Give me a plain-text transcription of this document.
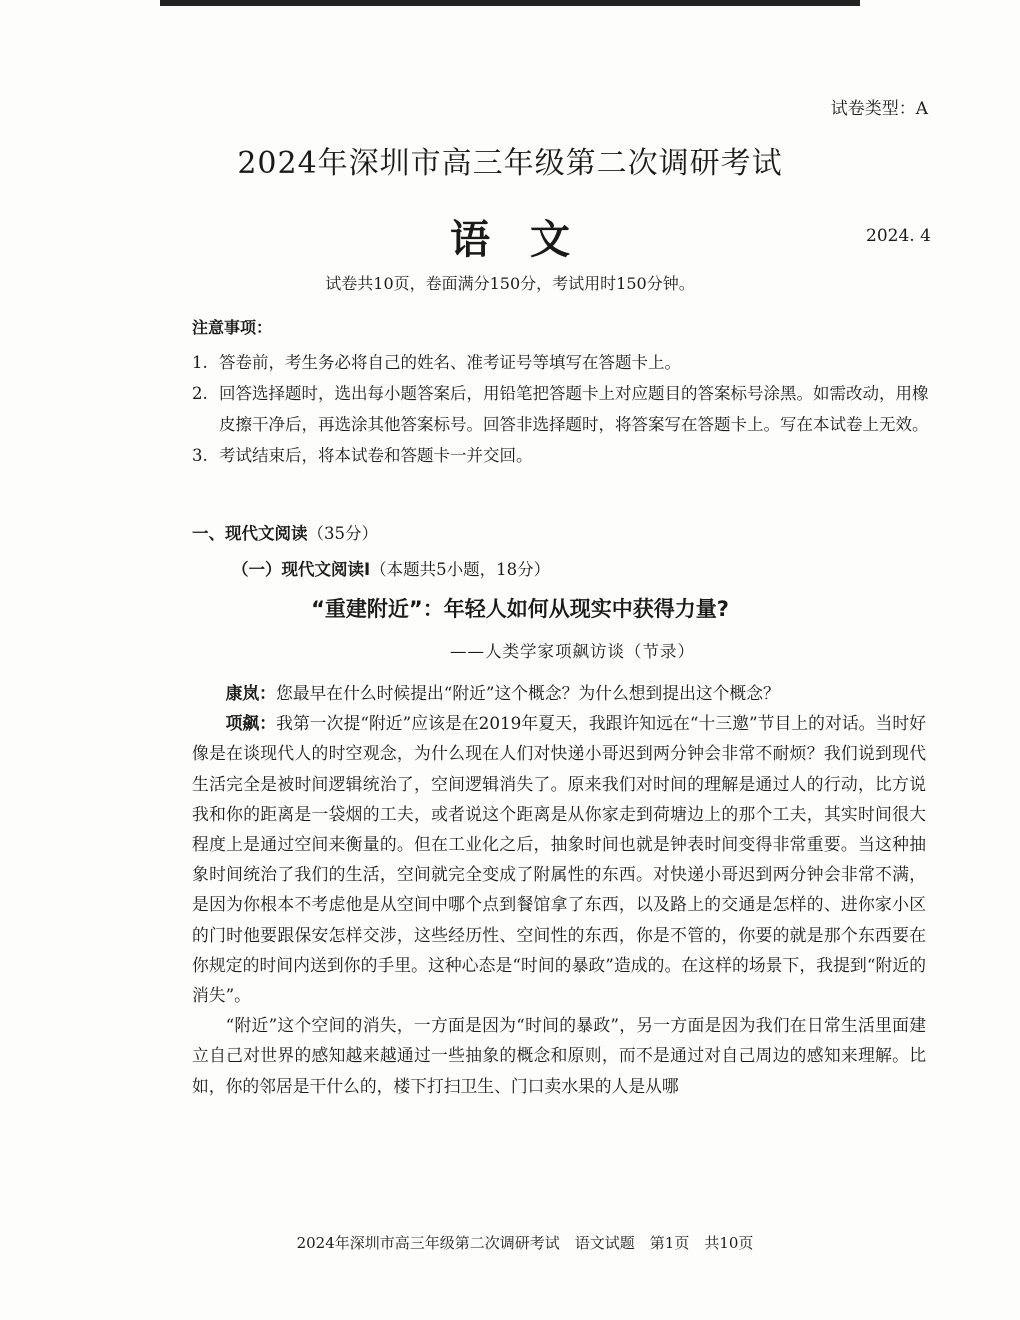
试卷类型：A
2024年深圳市高三年级第二次调研考试
语文	2024. 4
试卷共10页，卷面满分150分，考试用时150分钟。
注意事项：
1. 答卷前，考生务必将自己的姓名、准考证号等填写在答题卡上。
2. 回答选择题时，选出每小题答案后，用铅笔把答题卡上对应题目的答案标号涂黑。如需改动，用橡皮擦干净后，再选涂其他答案标号。回答非选择题时，将答案写在答题卡上。写在本试卷上无效。
3. 考试结束后，将本试卷和答题卡一并交回。
一、现代文阅读（35分）
（一）现代文阅读I（本题共5小题，18分）
“重建附近”：年轻人如何从现实中获得力量?
——人类学家项飙访谈（节录）

康岚：您最早在什么时候提出“附近”这个概念？为什么想到提出这个概念？

项飙：我第一次提“附近”应该是在2019年夏天，我跟许知远在“十三邀”节目上的对话。当时好像是在谈现代人的时空观念，为什么现在人们对快递小哥迟到两分钟会非常不耐烦？我们说到现代生活完全是被时间逻辑统治了，空间逻辑消失了。原来我们对时间的理解是通过人的行动，比方说我和你的距离是一袋烟的工夫，或者说这个距离是从你家走到荷塘边上的那个工夫，其实时间很大程度上是通过空间来衡量的。但在工业化之后，抽象时间也就是钟表时间变得非常重要。当这种抽象时间统治了我们的生活，空间就完全变成了附属性的东西。对快递小哥迟到两分钟会非常不满，是因为你根本不考虑他是从空间中哪个点到餐馆拿了东西，以及路上的交通是怎样的、进你家小区的门时他要跟保安怎样交涉，这些经历性、空间性的东西，你是不管的，你要的就是那个东西要在你规定的时间内送到你的手里。这种心态是“时间的暴政”造成的。在这样的场景下，我提到“附近的消失”。

“附近”这个空间的消失，一方面是因为“时间的暴政”，另一方面是因为我们在日常生活里面建立自己对世界的感知越来越通过一些抽象的概念和原则，而不是通过对自己周边的感知来理解。比如，你的邻居是干什么的，楼下打扫卫生、门口卖水果的人是从哪

2024年深圳市高三年级第二次调研考试　语文试题　第1页　共10页
